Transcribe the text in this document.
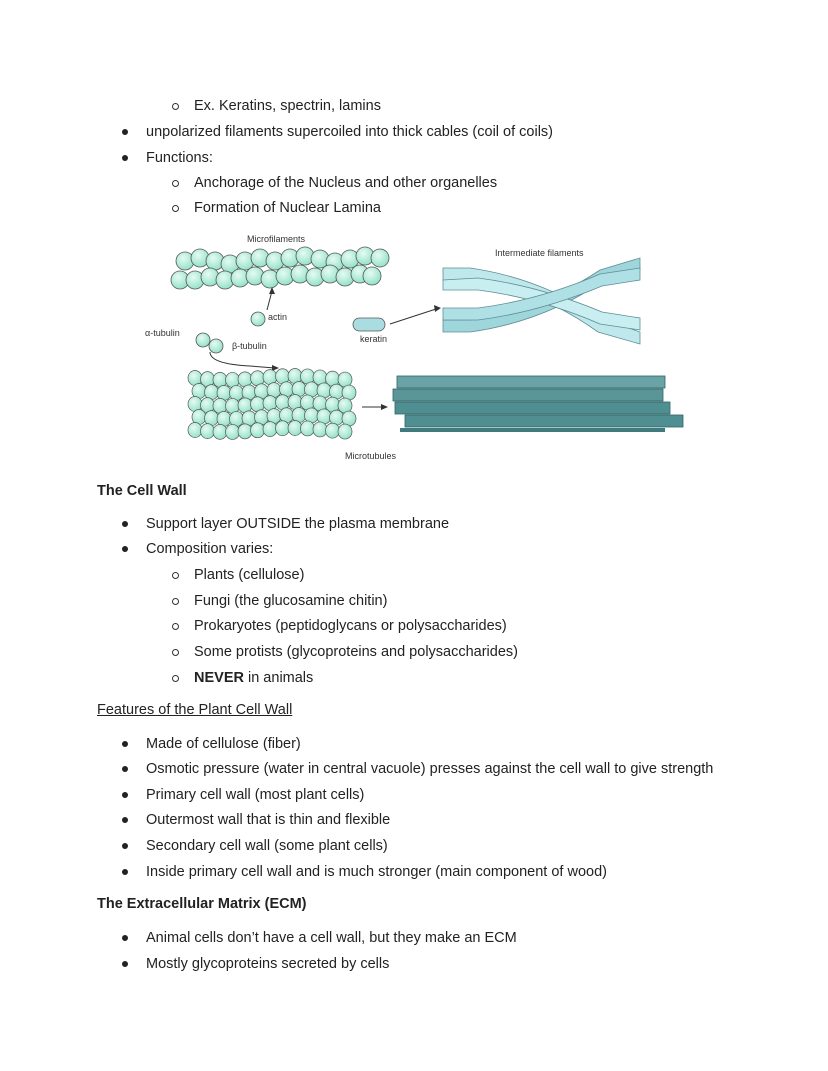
Ex. Keratins, spectrin, lamins
unpolarized filaments supercoiled into thick cables (coil of coils)
Functions:
Anchorage of the Nucleus and other organelles
Formation of Nuclear Lamina
Microfilaments
actin
α-tubulin
β-tubulin
keratin
Intermediate filaments
Microtubules
The Cell Wall
Support layer OUTSIDE the plasma membrane
Composition varies:
Plants (cellulose)
Fungi (the glucosamine chitin)
Prokaryotes (peptidoglycans or polysaccharides)
Some protists (glycoproteins and polysaccharides)
NEVER in animals
Features of the Plant Cell Wall
Made of cellulose (fiber)
Osmotic pressure (water in central vacuole) presses against the cell wall to give strength
Primary cell wall (most plant cells)
Outermost wall that is thin and flexible
Secondary cell wall (some plant cells)
Inside primary cell wall and is much stronger (main component of wood)
The Extracellular Matrix (ECM)
Animal cells don’t have a cell wall, but they make an ECM
Mostly glycoproteins secreted by cells
